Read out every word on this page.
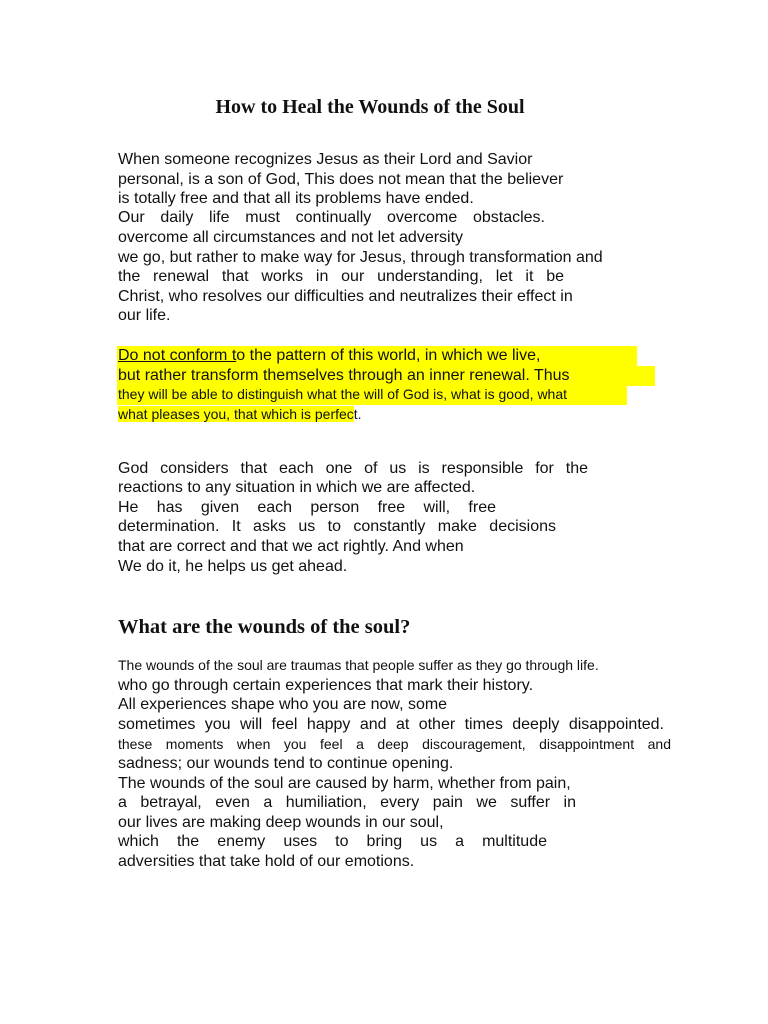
How to Heal the Wounds of the Soul
When someone recognizes Jesus as their Lord and Savior
personal, is a son of God, This does not mean that the believer
is totally free and that all its problems have ended.
Our daily life must continually overcome obstacles.
overcome all circumstances and not let adversity
we go, but rather to make way for Jesus, through transformation and
the renewal that works in our understanding, let it be
Christ, who resolves our difficulties and neutralizes their effect in
our life.
Do not conform to the pattern of this world, in which we live,
but rather transform themselves through an inner renewal. Thus
they will be able to distinguish what the will of God is, what is good, what
what pleases you, that which is perfect.
God considers that each one of us is responsible for the
reactions to any situation in which we are affected.
He has given each person free will, free
determination. It asks us to constantly make decisions
that are correct and that we act rightly. And when
We do it, he helps us get ahead.
What are the wounds of the soul?
The wounds of the soul are traumas that people suffer as they go through life.
who go through certain experiences that mark their history.
All experiences shape who you are now, some
sometimes you will feel happy and at other times deeply disappointed.
these moments when you feel a deep discouragement, disappointment and
sadness; our wounds tend to continue opening.
The wounds of the soul are caused by harm, whether from pain,
a betrayal, even a humiliation, every pain we suffer in
our lives are making deep wounds in our soul,
which the enemy uses to bring us a multitude
adversities that take hold of our emotions.
